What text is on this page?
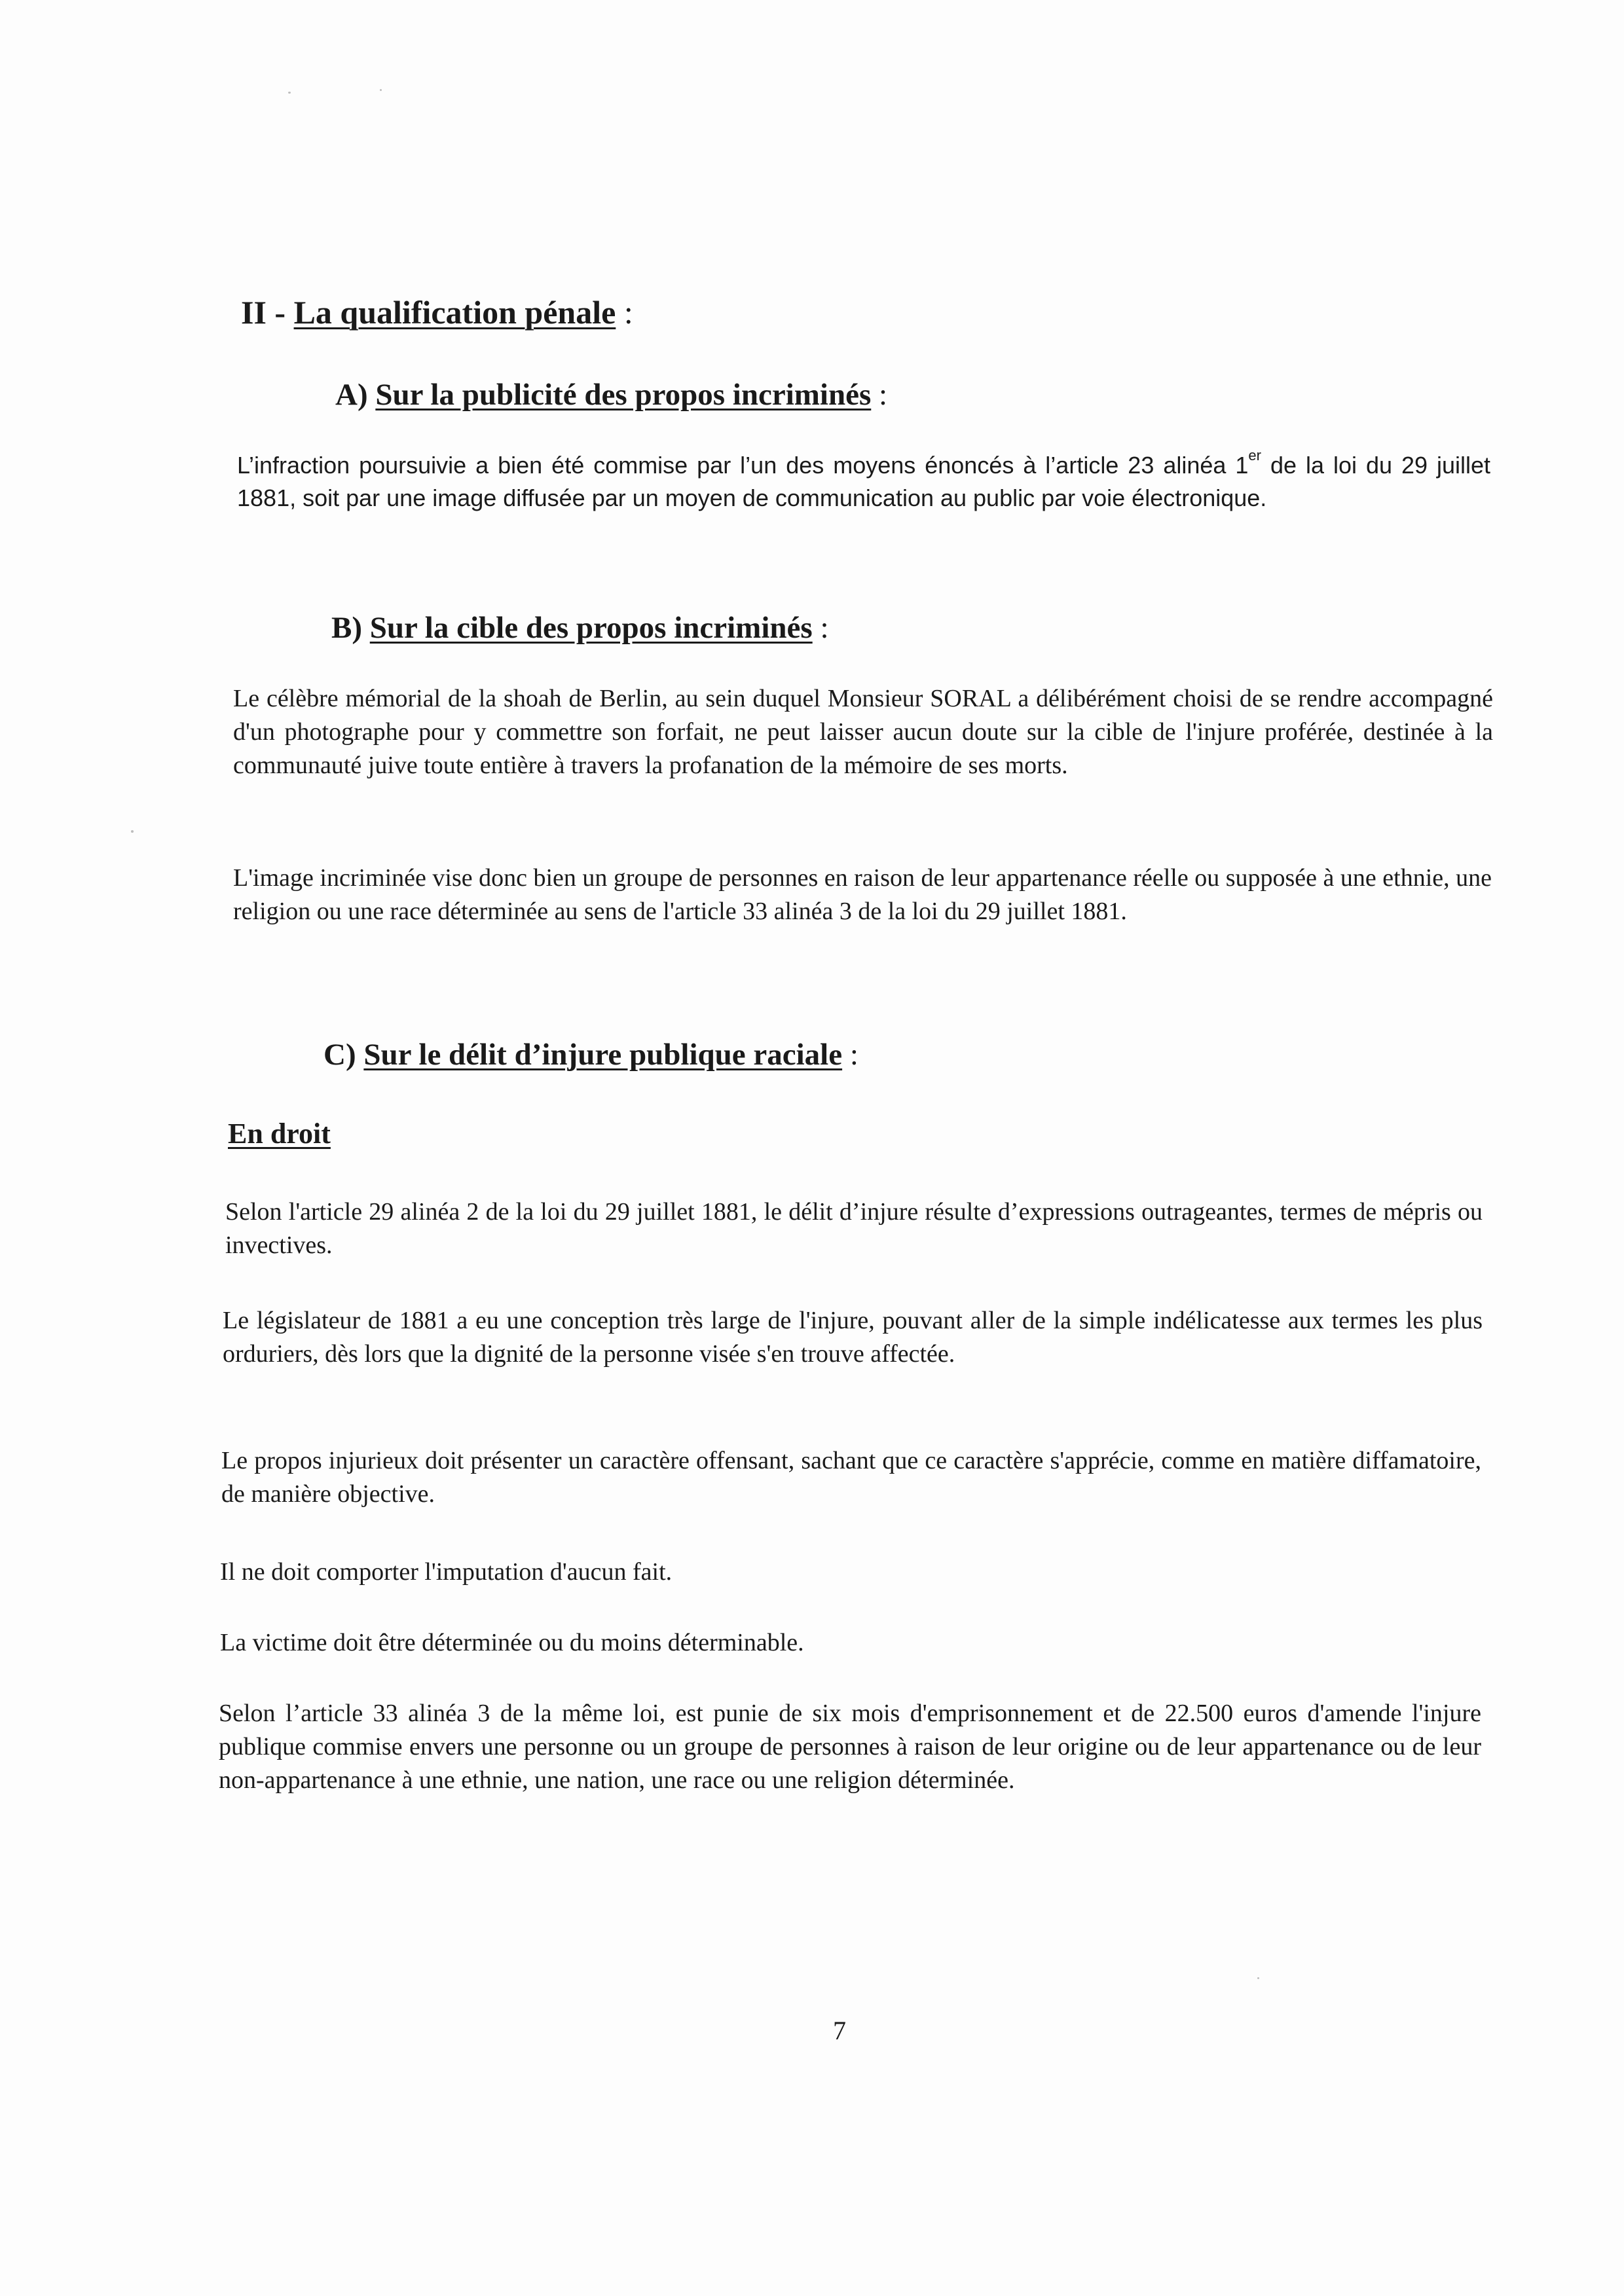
II - La qualification pénale :
A) Sur la publicité des propos incriminés :

L’infraction poursuivie a bien été commise par l’un des moyens énoncés à l’article 23 alinéa 1er de la loi du 29 juillet 1881, soit par une image diffusée par un moyen de communication au public par voie électronique.

B) Sur la cible des propos incriminés :

Le célèbre mémorial de la shoah de Berlin, au sein duquel Monsieur SORAL a délibérément choisi de se rendre accompagné d'un photographe pour y commettre son forfait, ne peut laisser aucun doute sur la cible de l'injure proférée, destinée à la communauté juive toute entière à travers la profanation de la mémoire de ses morts.

L'image incriminée vise donc bien un groupe de personnes en raison de leur appartenance réelle ou supposée à une ethnie, une religion ou une race déterminée au sens de l'article 33 alinéa 3 de la loi du 29 juillet 1881.

C) Sur le délit d’injure publique raciale :
En droit

Selon l'article 29 alinéa 2 de la loi du 29 juillet 1881, le délit d’injure résulte d’expressions outrageantes, termes de mépris ou invectives.

Le législateur de 1881 a eu une conception très large de l'injure, pouvant aller de la simple indélicatesse aux termes les plus orduriers, dès lors que la dignité de la personne visée s'en trouve affectée.

Le propos injurieux doit présenter un caractère offensant, sachant que ce caractère s'apprécie, comme en matière diffamatoire, de manière objective.

Il ne doit comporter l'imputation d'aucun fait.

La victime doit être déterminée ou du moins déterminable.

Selon l’article 33 alinéa 3 de la même loi, est punie de six mois d'emprisonnement et de 22.500 euros d'amende l'injure publique commise envers une personne ou un groupe de personnes à raison de leur origine ou de leur appartenance ou de leur non-appartenance à une ethnie, une nation, une race ou une religion déterminée.

7
